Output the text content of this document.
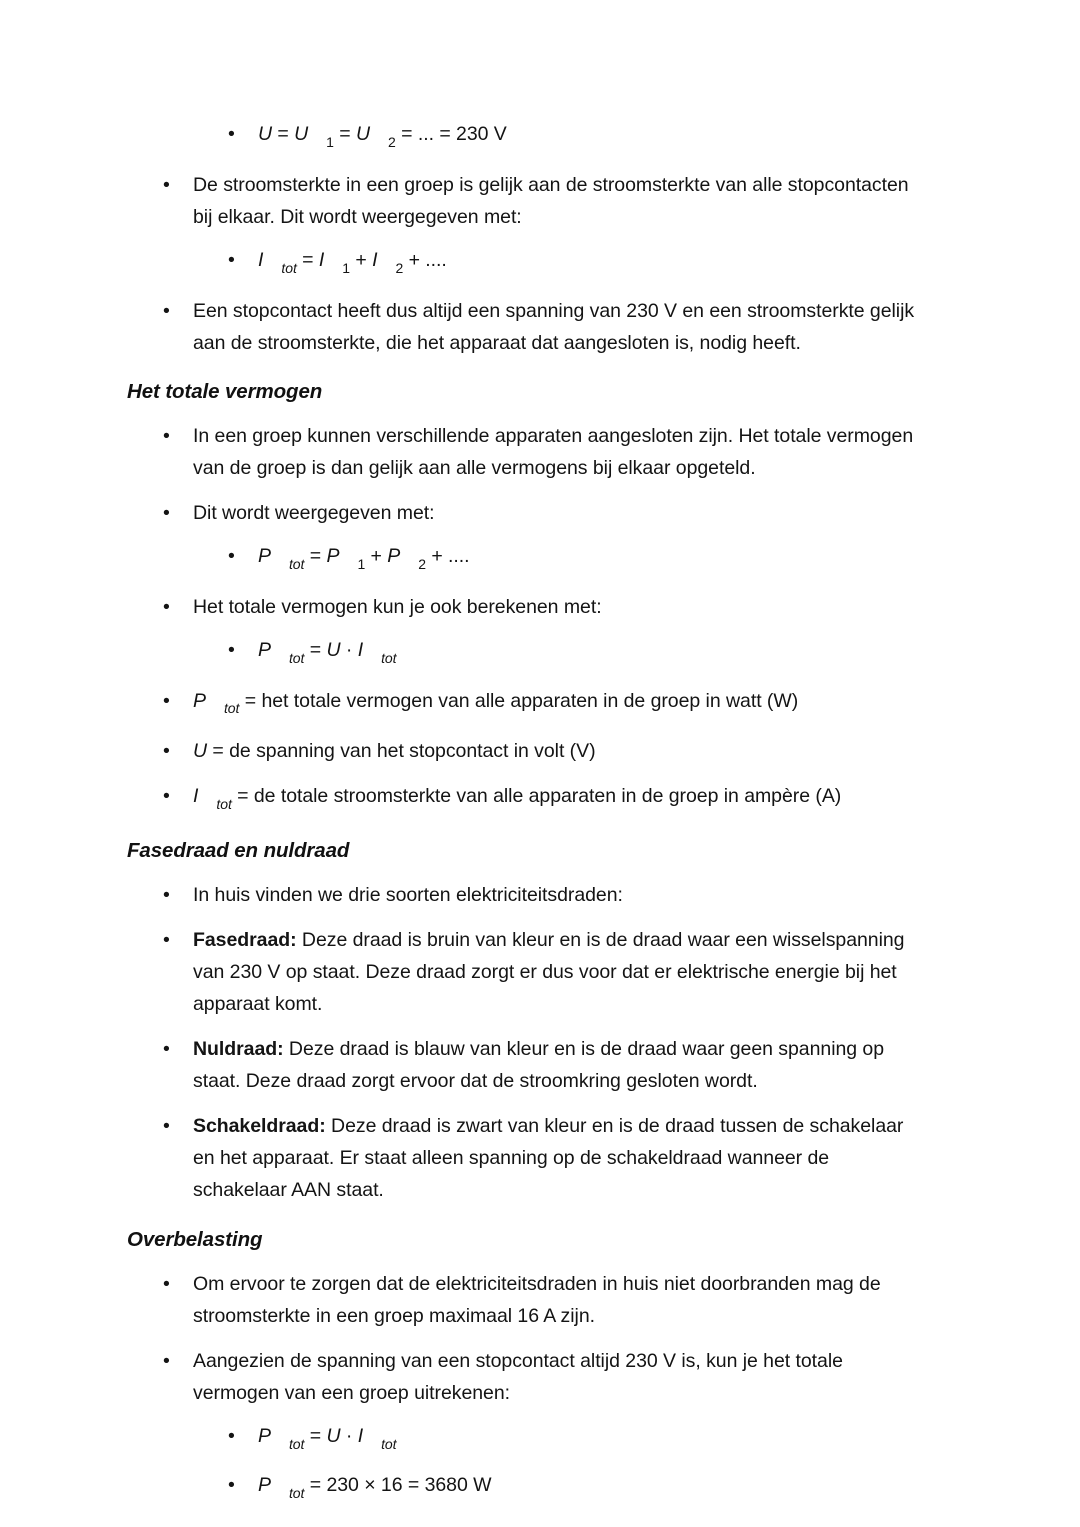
• U = U $_1$ = U $_2$ = ... = 230 V
• De stroomsterkte in een groep is gelijk aan de stroomsterkte van alle stopcontacten bij elkaar. Dit wordt weergegeven met:
• I $_{tot}$ = I $_1$ + I $_2$ + ....
• Een stopcontact heeft dus altijd een spanning van 230 V en een stroomsterkte gelijk aan de stroomsterkte, die het apparaat dat aangesloten is, nodig heeft.
Het totale vermogen
• In een groep kunnen verschillende apparaten aangesloten zijn. Het totale vermogen van de groep is dan gelijk aan alle vermogens bij elkaar opgeteld.
• Dit wordt weergegeven met:
• P $_{tot}$ = P $_1$ + P $_2$ + ....
• Het totale vermogen kun je ook berekenen met:
• P $_{tot}$ = U · I $_{tot}$
• P $_{tot}$ = het totale vermogen van alle apparaten in de groep in watt (W)
• U = de spanning van het stopcontact in volt (V)
• I $_{tot}$ = de totale stroomsterkte van alle apparaten in de groep in ampère (A)
Fasedraad en nuldraad
• In huis vinden we drie soorten elektriciteitsdraden:
• Fasedraad: Deze draad is bruin van kleur en is de draad waar een wisselspanning van 230 V op staat. Deze draad zorgt er dus voor dat er elektrische energie bij het apparaat komt.
• Nuldraad: Deze draad is blauw van kleur en is de draad waar geen spanning op staat. Deze draad zorgt ervoor dat de stroomkring gesloten wordt.
• Schakeldraad: Deze draad is zwart van kleur en is de draad tussen de schakelaar en het apparaat. Er staat alleen spanning op de schakeldraad wanneer de schakelaar AAN staat.
Overbelasting
• Om ervoor te zorgen dat de elektriciteitsdraden in huis niet doorbranden mag de stroomsterkte in een groep maximaal 16 A zijn.
• Aangezien de spanning van een stopcontact altijd 230 V is, kun je het totale vermogen van een groep uitrekenen:
• P $_{tot}$ = U · I $_{tot}$
• P $_{tot}$ = 230 × 16 = 3680 W
